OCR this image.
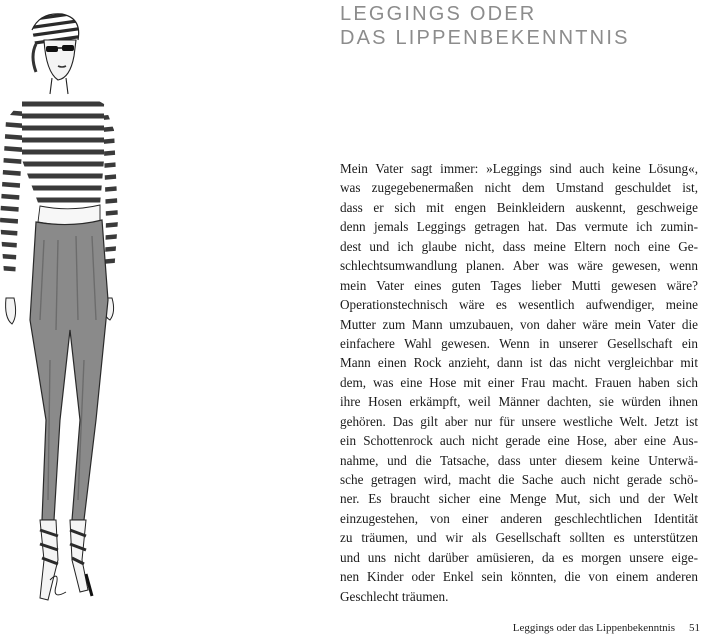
LEGGINGS ODER
DAS LIPPENBEKENNTNIS
Mein Vater sagt immer: »Leggings sind auch keine Lösung«,
was zugegebenermaßen nicht dem Umstand geschuldet ist,
dass er sich mit engen Beinkleidern auskennt, geschweige
denn jemals Leggings getragen hat. Das vermute ich zumin-
dest und ich glaube nicht, dass meine Eltern noch eine Ge-
schlechtsumwandlung planen. Aber was wäre gewesen, wenn
mein Vater eines guten Tages lieber Mutti gewesen wäre?
Operationstechnisch wäre es wesentlich aufwendiger, meine
Mutter zum Mann umzubauen, von daher wäre mein Vater die
einfachere Wahl gewesen. Wenn in unserer Gesellschaft ein
Mann einen Rock anzieht, dann ist das nicht vergleichbar mit
dem, was eine Hose mit einer Frau macht. Frauen haben sich
ihre Hosen erkämpft, weil Männer dachten, sie würden ihnen
gehören. Das gilt aber nur für unsere westliche Welt. Jetzt ist
ein Schottenrock auch nicht gerade eine Hose, aber eine Aus-
nahme, und die Tatsache, dass unter diesem keine Unterwä-
sche getragen wird, macht die Sache auch nicht gerade schö-
ner. Es braucht sicher eine Menge Mut, sich und der Welt
einzugestehen, von einer anderen geschlechtlichen Identität
zu träumen, und wir als Gesellschaft sollten es unterstützen
und uns nicht darüber amüsieren, da es morgen unsere eige-
nen Kinder oder Enkel sein könnten, die von einem anderen
Geschlecht träumen.
Leggings oder das Lippenbekenntnis 51
